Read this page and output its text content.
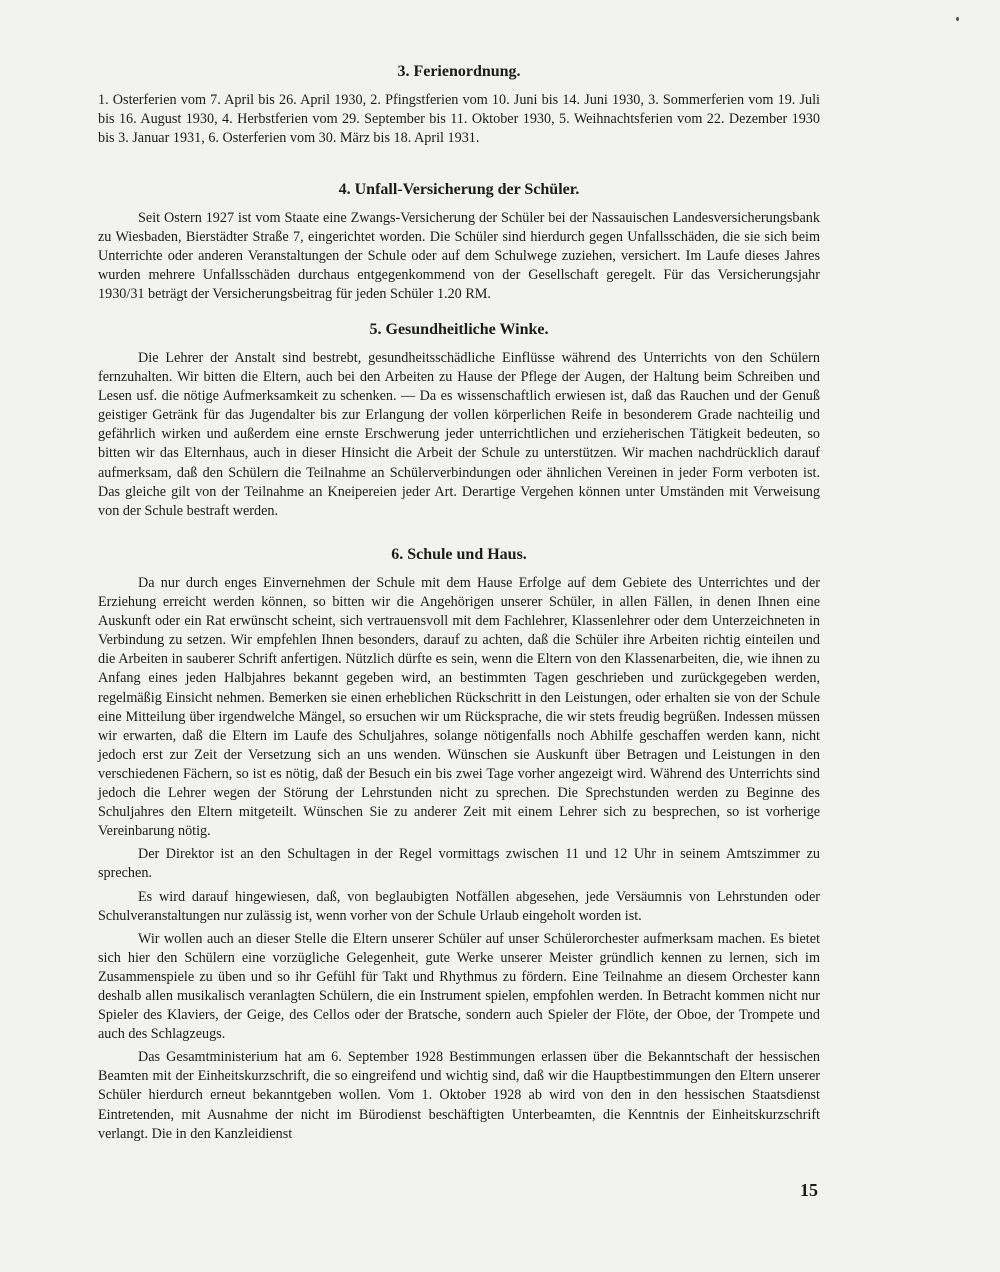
3. Ferienordnung.

1. Osterferien vom 7. April bis 26. April 1930, 2. Pfingstferien vom 10. Juni bis 14. Juni 1930, 3. Sommerferien vom 19. Juli bis 16. August 1930, 4. Herbstferien vom 29. September bis 11. Oktober 1930, 5. Weihnachtsferien vom 22. Dezember 1930 bis 3. Januar 1931, 6. Osterferien vom 30. März bis 18. April 1931.

4. Unfall-Versicherung der Schüler.

Seit Ostern 1927 ist vom Staate eine Zwangs-Versicherung der Schüler bei der Nassauischen Landesversicherungsbank zu Wiesbaden, Bierstädter Straße 7, eingerichtet worden. Die Schüler sind hierdurch gegen Unfallsschäden, die sie sich beim Unterrichte oder anderen Veranstaltungen der Schule oder auf dem Schulwege zuziehen, versichert. Im Laufe dieses Jahres wurden mehrere Unfallsschäden durchaus entgegenkommend von der Gesellschaft geregelt. Für das Versicherungsjahr 1930/31 beträgt der Versicherungsbeitrag für jeden Schüler 1.20 RM.

5. Gesundheitliche Winke.

Die Lehrer der Anstalt sind bestrebt, gesundheitsschädliche Einflüsse während des Unterrichts von den Schülern fernzuhalten. Wir bitten die Eltern, auch bei den Arbeiten zu Hause der Pflege der Augen, der Haltung beim Schreiben und Lesen usf. die nötige Aufmerksamkeit zu schenken. — Da es wissenschaftlich erwiesen ist, daß das Rauchen und der Genuß geistiger Getränk für das Jugendalter bis zur Erlangung der vollen körperlichen Reife in besonderem Grade nachteilig und gefährlich wirken und außerdem eine ernste Erschwerung jeder unterrichtlichen und erzieherischen Tätigkeit bedeuten, so bitten wir das Elternhaus, auch in dieser Hinsicht die Arbeit der Schule zu unterstützen. Wir machen nachdrücklich darauf aufmerksam, daß den Schülern die Teilnahme an Schülerverbindungen oder ähnlichen Vereinen in jeder Form verboten ist. Das gleiche gilt von der Teilnahme an Kneipereien jeder Art. Derartige Vergehen können unter Umständen mit Verweisung von der Schule bestraft werden.

6. Schule und Haus.

Da nur durch enges Einvernehmen der Schule mit dem Hause Erfolge auf dem Gebiete des Unterrichtes und der Erziehung erreicht werden können, so bitten wir die Angehörigen unserer Schüler, in allen Fällen, in denen Ihnen eine Auskunft oder ein Rat erwünscht scheint, sich vertrauensvoll mit dem Fachlehrer, Klassenlehrer oder dem Unterzeichneten in Verbindung zu setzen. Wir empfehlen Ihnen besonders, darauf zu achten, daß die Schüler ihre Arbeiten richtig einteilen und die Arbeiten in sauberer Schrift anfertigen. Nützlich dürfte es sein, wenn die Eltern von den Klassenarbeiten, die, wie ihnen zu Anfang eines jeden Halbjahres bekannt gegeben wird, an bestimmten Tagen geschrieben und zurückgegeben werden, regelmäßig Einsicht nehmen. Bemerken sie einen erheblichen Rückschritt in den Leistungen, oder erhalten sie von der Schule eine Mitteilung über irgendwelche Mängel, so ersuchen wir um Rücksprache, die wir stets freudig begrüßen. Indessen müssen wir erwarten, daß die Eltern im Laufe des Schuljahres, solange nötigenfalls noch Abhilfe geschaffen werden kann, nicht jedoch erst zur Zeit der Versetzung sich an uns wenden. Wünschen sie Auskunft über Betragen und Leistungen in den verschiedenen Fächern, so ist es nötig, daß der Besuch ein bis zwei Tage vorher angezeigt wird. Während des Unterrichts sind jedoch die Lehrer wegen der Störung der Lehrstunden nicht zu sprechen. Die Sprechstunden werden zu Beginne des Schuljahres den Eltern mitgeteilt. Wünschen Sie zu anderer Zeit mit einem Lehrer sich zu besprechen, so ist vorherige Vereinbarung nötig.

Der Direktor ist an den Schultagen in der Regel vormittags zwischen 11 und 12 Uhr in seinem Amtszimmer zu sprechen.

Es wird darauf hingewiesen, daß, von beglaubigten Notfällen abgesehen, jede Versäumnis von Lehrstunden oder Schulveranstaltungen nur zulässig ist, wenn vorher von der Schule Urlaub eingeholt worden ist.

Wir wollen auch an dieser Stelle die Eltern unserer Schüler auf unser Schülerorchester aufmerksam machen. Es bietet sich hier den Schülern eine vorzügliche Gelegenheit, gute Werke unserer Meister gründlich kennen zu lernen, sich im Zusammenspiele zu üben und so ihr Gefühl für Takt und Rhythmus zu fördern. Eine Teilnahme an diesem Orchester kann deshalb allen musikalisch veranlagten Schülern, die ein Instrument spielen, empfohlen werden. In Betracht kommen nicht nur Spieler des Klaviers, der Geige, des Cellos oder der Bratsche, sondern auch Spieler der Flöte, der Oboe, der Trompete und auch des Schlagzeugs.

Das Gesamtministerium hat am 6. September 1928 Bestimmungen erlassen über die Bekanntschaft der hessischen Beamten mit der Einheitskurzschrift, die so eingreifend und wichtig sind, daß wir die Hauptbestimmungen den Eltern unserer Schüler hierdurch erneut bekanntgeben wollen. Vom 1. Oktober 1928 ab wird von den in den hessischen Staatsdienst Eintretenden, mit Ausnahme der nicht im Bürodienst beschäftigten Unterbeamten, die Kenntnis der Einheitskurzschrift verlangt. Die in den Kanzleidienst

15
